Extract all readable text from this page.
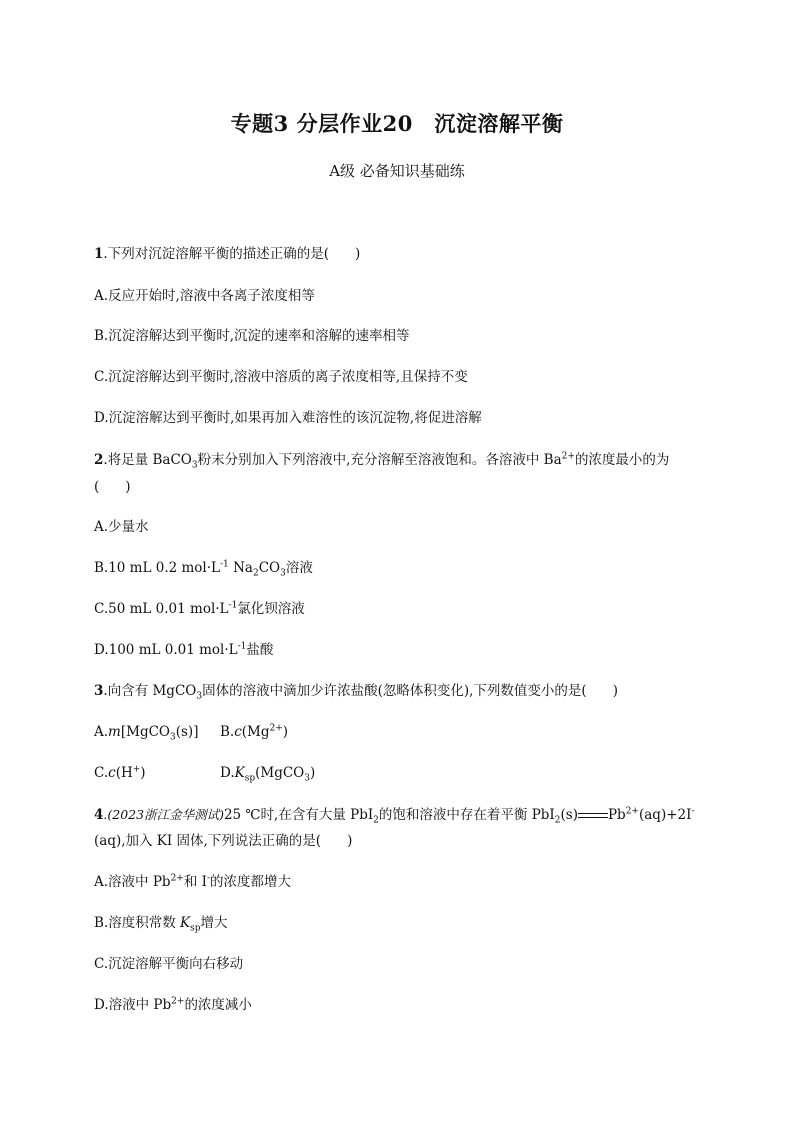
专题3 分层作业20　沉淀溶解平衡
A级 必备知识基础练
1.下列对沉淀溶解平衡的描述正确的是( )
A.反应开始时,溶液中各离子浓度相等
B.沉淀溶解达到平衡时,沉淀的速率和溶解的速率相等
C.沉淀溶解达到平衡时,溶液中溶质的离子浓度相等,且保持不变
D.沉淀溶解达到平衡时,如果再加入难溶性的该沉淀物,将促进溶解
2.将足量 BaCO$_3$粉末分别加入下列溶液中,充分溶解至溶液饱和。各溶液中 $Ba^{2+}$的浓度最小的为
( )
A.少量水
B.10 mL 0.2 $mol\cdot L^{-1}$ $Na_2CO_3$溶液
C.50 mL 0.01 $mol\cdot L^{-1}$氯化钡溶液
D.100 mL 0.01 $mol\cdot L^{-1}$盐酸
3.向含有 MgCO$_3$固体的溶液中滴加少许浓盐酸(忽略体积变化),下列数值变小的是( )
A.m[MgCO$_3$(s)] $B.c(Mg^{2+})$
C.c(H+)	$D.K_{sp}(MgCO_3)$
4.(2023浙江金华测试)25 ℃时,在含有大量 PbI$_2$的饱和溶液中存在着平衡 PbI$_2$(s) $Pb^{2+}(aq)+2I^-$
(aq),加入 KI 固体,下列说法正确的是( )
A.溶液中 $Pb^{2+}$和 I-的浓度都增大
B.溶度积常数 $K_{sp}$增大
C.沉淀溶解平衡向右移动
D.溶液中 $Pb^{2+}$的浓度减小
